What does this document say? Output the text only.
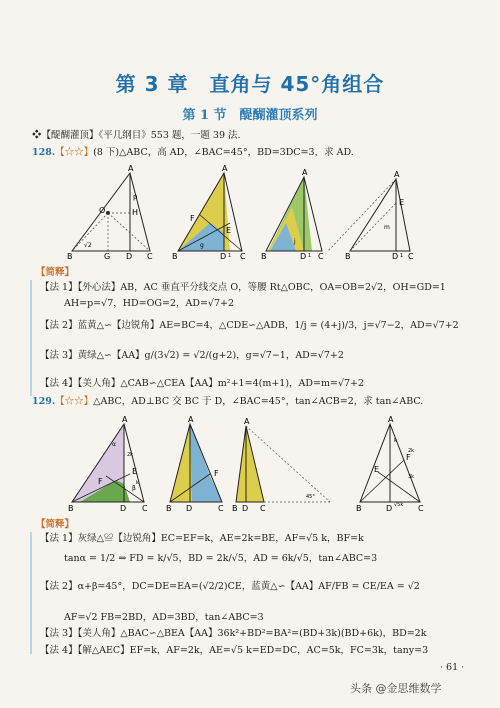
第 3 章　直角与 45°角组合
第 1 节　醍醐灌顶系列
❖【醍醐灌顶】《平几纲目》553 题，一题 39 法.
128.【☆☆】(8 下)△ABC，高 AD，∠BAC=45°，BD=3DC=3，求 AD.
A
O	H
p
√2
B	G D C
A
F
E
g
B	D 1 C
A
j
B	D 1 C
A
E
m
B	D 1 C
【简释】
【法 1】【外心法】AB，AC 垂直平分线交点 O，等腰 Rt△OBC，OA=OB=2√2，OH=GD=1
AH=p=√7，HD=OG=2，AD=√7+2
【法 2】蓝黄△∽【边锐角】AE=BC=4，△CDE∽△ADB，1/j = (4+j)/3，j=√7−2，AD=√7+2
【法 3】黄绿△∽【AA】g/(3√2) = √2/(g+2)，g=√7−1，AD=√7+2
【法 4】【美人角】△CAB∽△CEA【AA】m²+1=4(m+1)，AD=m=√7+2
129.【☆☆】△ABC，AD⊥BC 交 BC 于 D，∠BAC=45°，tan∠ACB=2，求 tan∠ABC.
A
E
F
α
β
2k
k
B	D C
A
F
B D	C
A
45°
B D C
A
E
F
k
2k
3k
√5k
B	D	C
【简释】
【法 1】灰绿△≌【边锐角】EC=EF=k，AE=2k=BE，AF=√5 k，BF=k
tanα = 1/2 ⇒ FD = k/√5，BD = 2k/√5，AD = 6k/√5，tan∠ABC=3
【法 2】α+β=45°，DC=DE=EA=(√2/2)CE，蓝黄△∽【AA】AF/FB = CE/EA = √2
AF=√2 FB=2BD，AD=3BD，tan∠ABC=3
【法 3】【美人角】△BAC∽△BEA【AA】36k²+BD²=BA²=(BD+3k)(BD+6k)，BD=2k
【法 4】【解△AEC】EF=k，AF=2k，AE=√5 k=ED=DC，AC=5k，FC=3k，tany=3
· 61 ·
头条 @金思维数学
